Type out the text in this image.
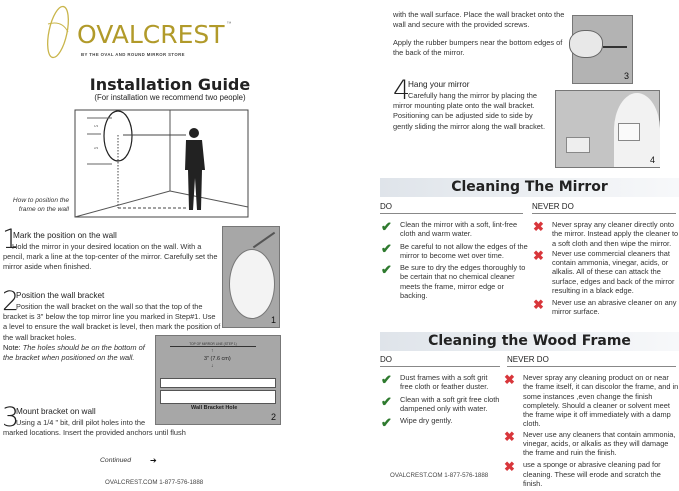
OVALCREST ™
BY THE OVAL AND ROUND MIRROR STORE
Installation Guide
(For installation we recommend two people)
1/3
2/3
How to position the frame on the wall
1
Mark the position on the wall
Hold the mirror in your desired location on the wall. With a pencil, mark a line at the top-center of the mirror. Carefully set the mirror aside when finished.
1
2
Position the wall bracket
Position the wall bracket on the wall so that the top of the bracket is 3" below the top mirror line you marked in Step#1. Use a level to ensure the wall bracket is level, then mark the position of the wall bracket holes.
Note: The holes should be on the bottom of the bracket when positioned on the wall.
TOP OF MIRROR LINE (STEP 1)
↑
3" (7.6 cm)
↓
Wall Bracket Hole
2
3
Mount bracket on wall
Using a 1/4 " bit, drill pilot holes into the marked locations. Insert the provided anchors until flush
Continued ➔
OVALCREST.COM 1-877-576-1888
with the wall surface. Place the wall bracket onto the wall and secure with the provided screws.
Apply the rubber bumpers near the bottom edges of the back of the mirror.
3
4
Hang your mirror
Carefully hang the mirror by placing the mirror mounting plate onto the wall bracket. Positioning can be adjusted side to side by gently sliding the mirror along the wall bracket.
4
Cleaning The Mirror
DO	NEVER DO
✔	Clean the mirror with a soft, lint-free cloth and warm water.
✔	Be careful to not allow the edges of the mirror to become wet over time.
✔	Be sure to dry the edges thoroughly to be certain that no chemical cleaner meets the frame, mirror edge or backing.
✖	Never spray any cleaner directly onto the mirror. Instead apply the cleaner to a soft cloth and then wipe the mirror.
✖	Never use commercial cleaners that contain ammonia, vinegar, acids, or alkalis. All of these can attack the surface, edges and back of the mirror resulting in a black edge.
✖	Never use an abrasive cleaner on any mirror surface.
Cleaning the Wood Frame
DO	NEVER DO
✔	Dust frames with a soft grit free cloth or feather duster.
✔	Clean with a soft grit free cloth dampened only with water.
✔	Wipe dry gently.
✖	Never spray any cleaning product on or near the frame itself, it can discolor the frame, and in some instances ,even change the finish completely. Should a cleaner or solvent meet the frame wipe it off immediately with a damp cloth.
✖	Never use any cleaners that contain ammonia, vinegar, acids, or alkalis as they will damage the frame and ruin the finish.
✖	use a sponge or abrasive cleaning pad for cleaning. These will erode and scratch the finish.
OVALCREST.COM 1-877-576-1888
